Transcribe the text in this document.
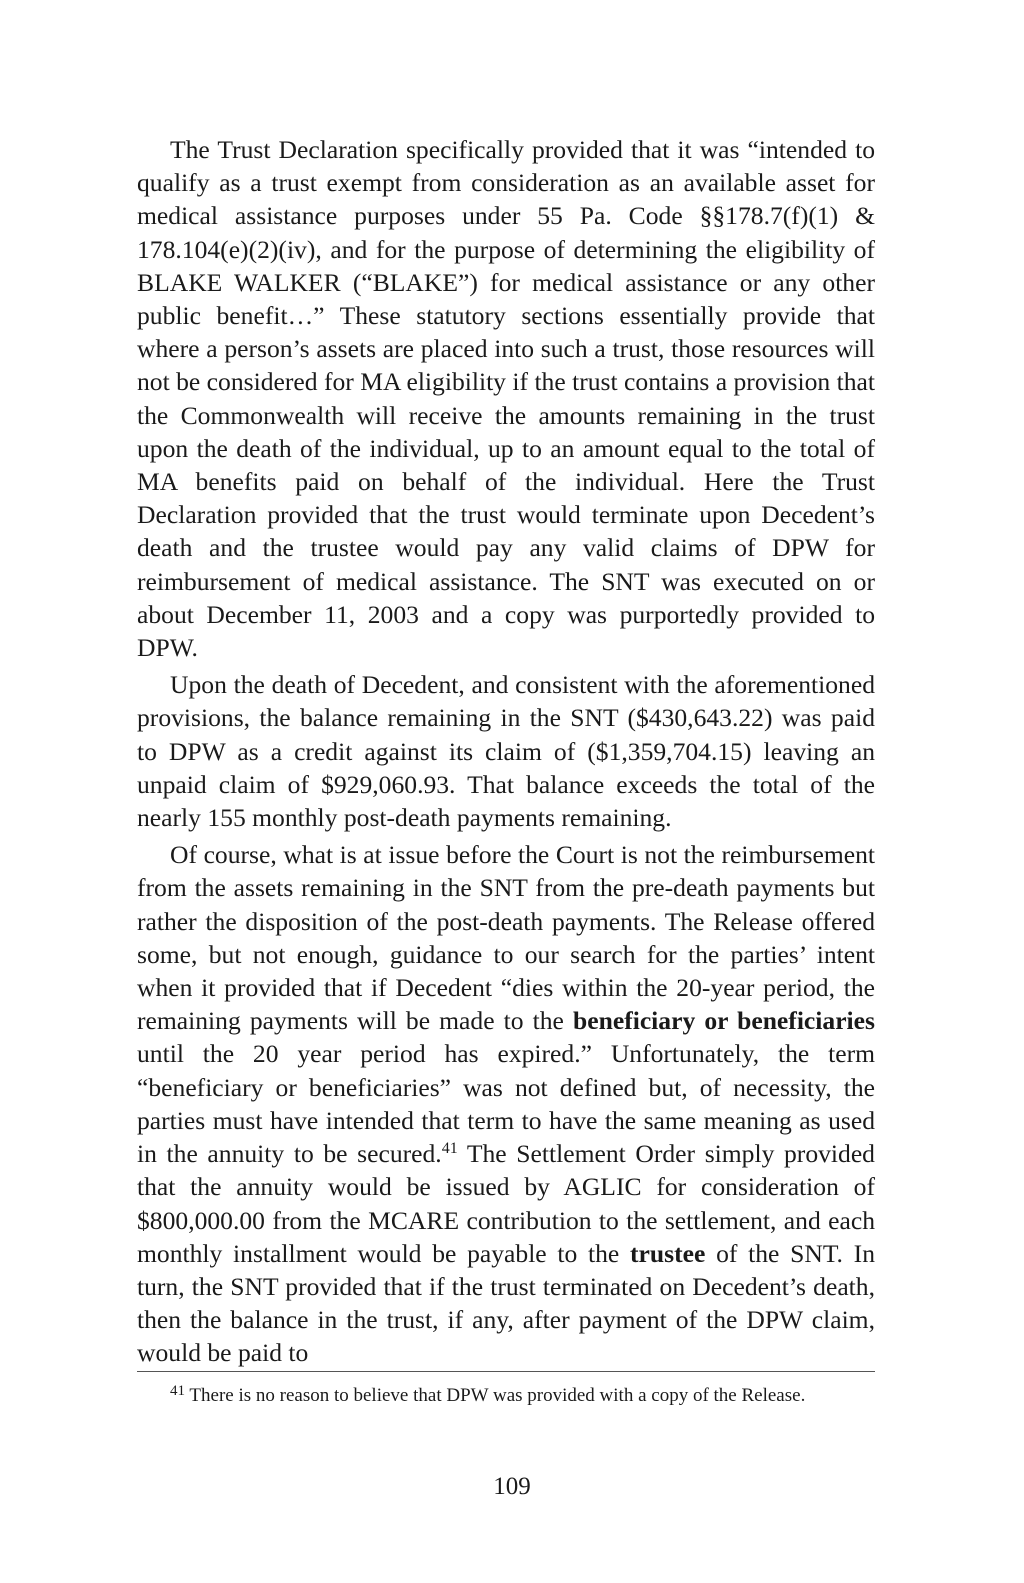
The Trust Declaration specifically provided that it was “intended to qualify as a trust exempt from consideration as an available asset for medical assistance purposes under 55 Pa. Code §§178.7(f)(1) & 178.104(e)(2)(iv), and for the purpose of determining the eligibility of BLAKE WALKER (“BLAKE”) for medical assistance or any other public benefit…” These statutory sections essentially provide that where a person’s assets are placed into such a trust, those resources will not be considered for MA eligibility if the trust contains a provision that the Commonwealth will receive the amounts remaining in the trust upon the death of the individual, up to an amount equal to the total of MA benefits paid on behalf of the individual. Here the Trust Declaration provided that the trust would terminate upon Decedent’s death and the trustee would pay any valid claims of DPW for reimbursement of medical assistance. The SNT was executed on or about December 11, 2003 and a copy was purportedly provided to DPW.

Upon the death of Decedent, and consistent with the aforementioned provisions, the balance remaining in the SNT ($430,643.22) was paid to DPW as a credit against its claim of ($1,359,704.15) leaving an unpaid claim of $929,060.93. That balance exceeds the total of the nearly 155 monthly post-death payments remaining.

Of course, what is at issue before the Court is not the reimbursement from the assets remaining in the SNT from the pre-death payments but rather the disposition of the post-death payments. The Release offered some, but not enough, guidance to our search for the parties’ intent when it provided that if Decedent “dies within the 20-year period, the remaining payments will be made to the beneficiary or beneficiaries until the 20 year period has expired.” Unfortunately, the term “beneficiary or beneficiaries” was not defined but, of necessity, the parties must have intended that term to have the same meaning as used in the annuity to be secured.$^{41}$ The Settlement Order simply provided that the annuity would be issued by AGLIC for consideration of $800,000.00 from the MCARE contribution to the settlement, and each monthly installment would be payable to the trustee of the SNT. In turn, the SNT provided that if the trust terminated on Decedent’s death, then the balance in the trust, if any, after payment of the DPW claim, would be paid to

$^{41}$ There is no reason to believe that DPW was provided with a copy of the Release.

109
